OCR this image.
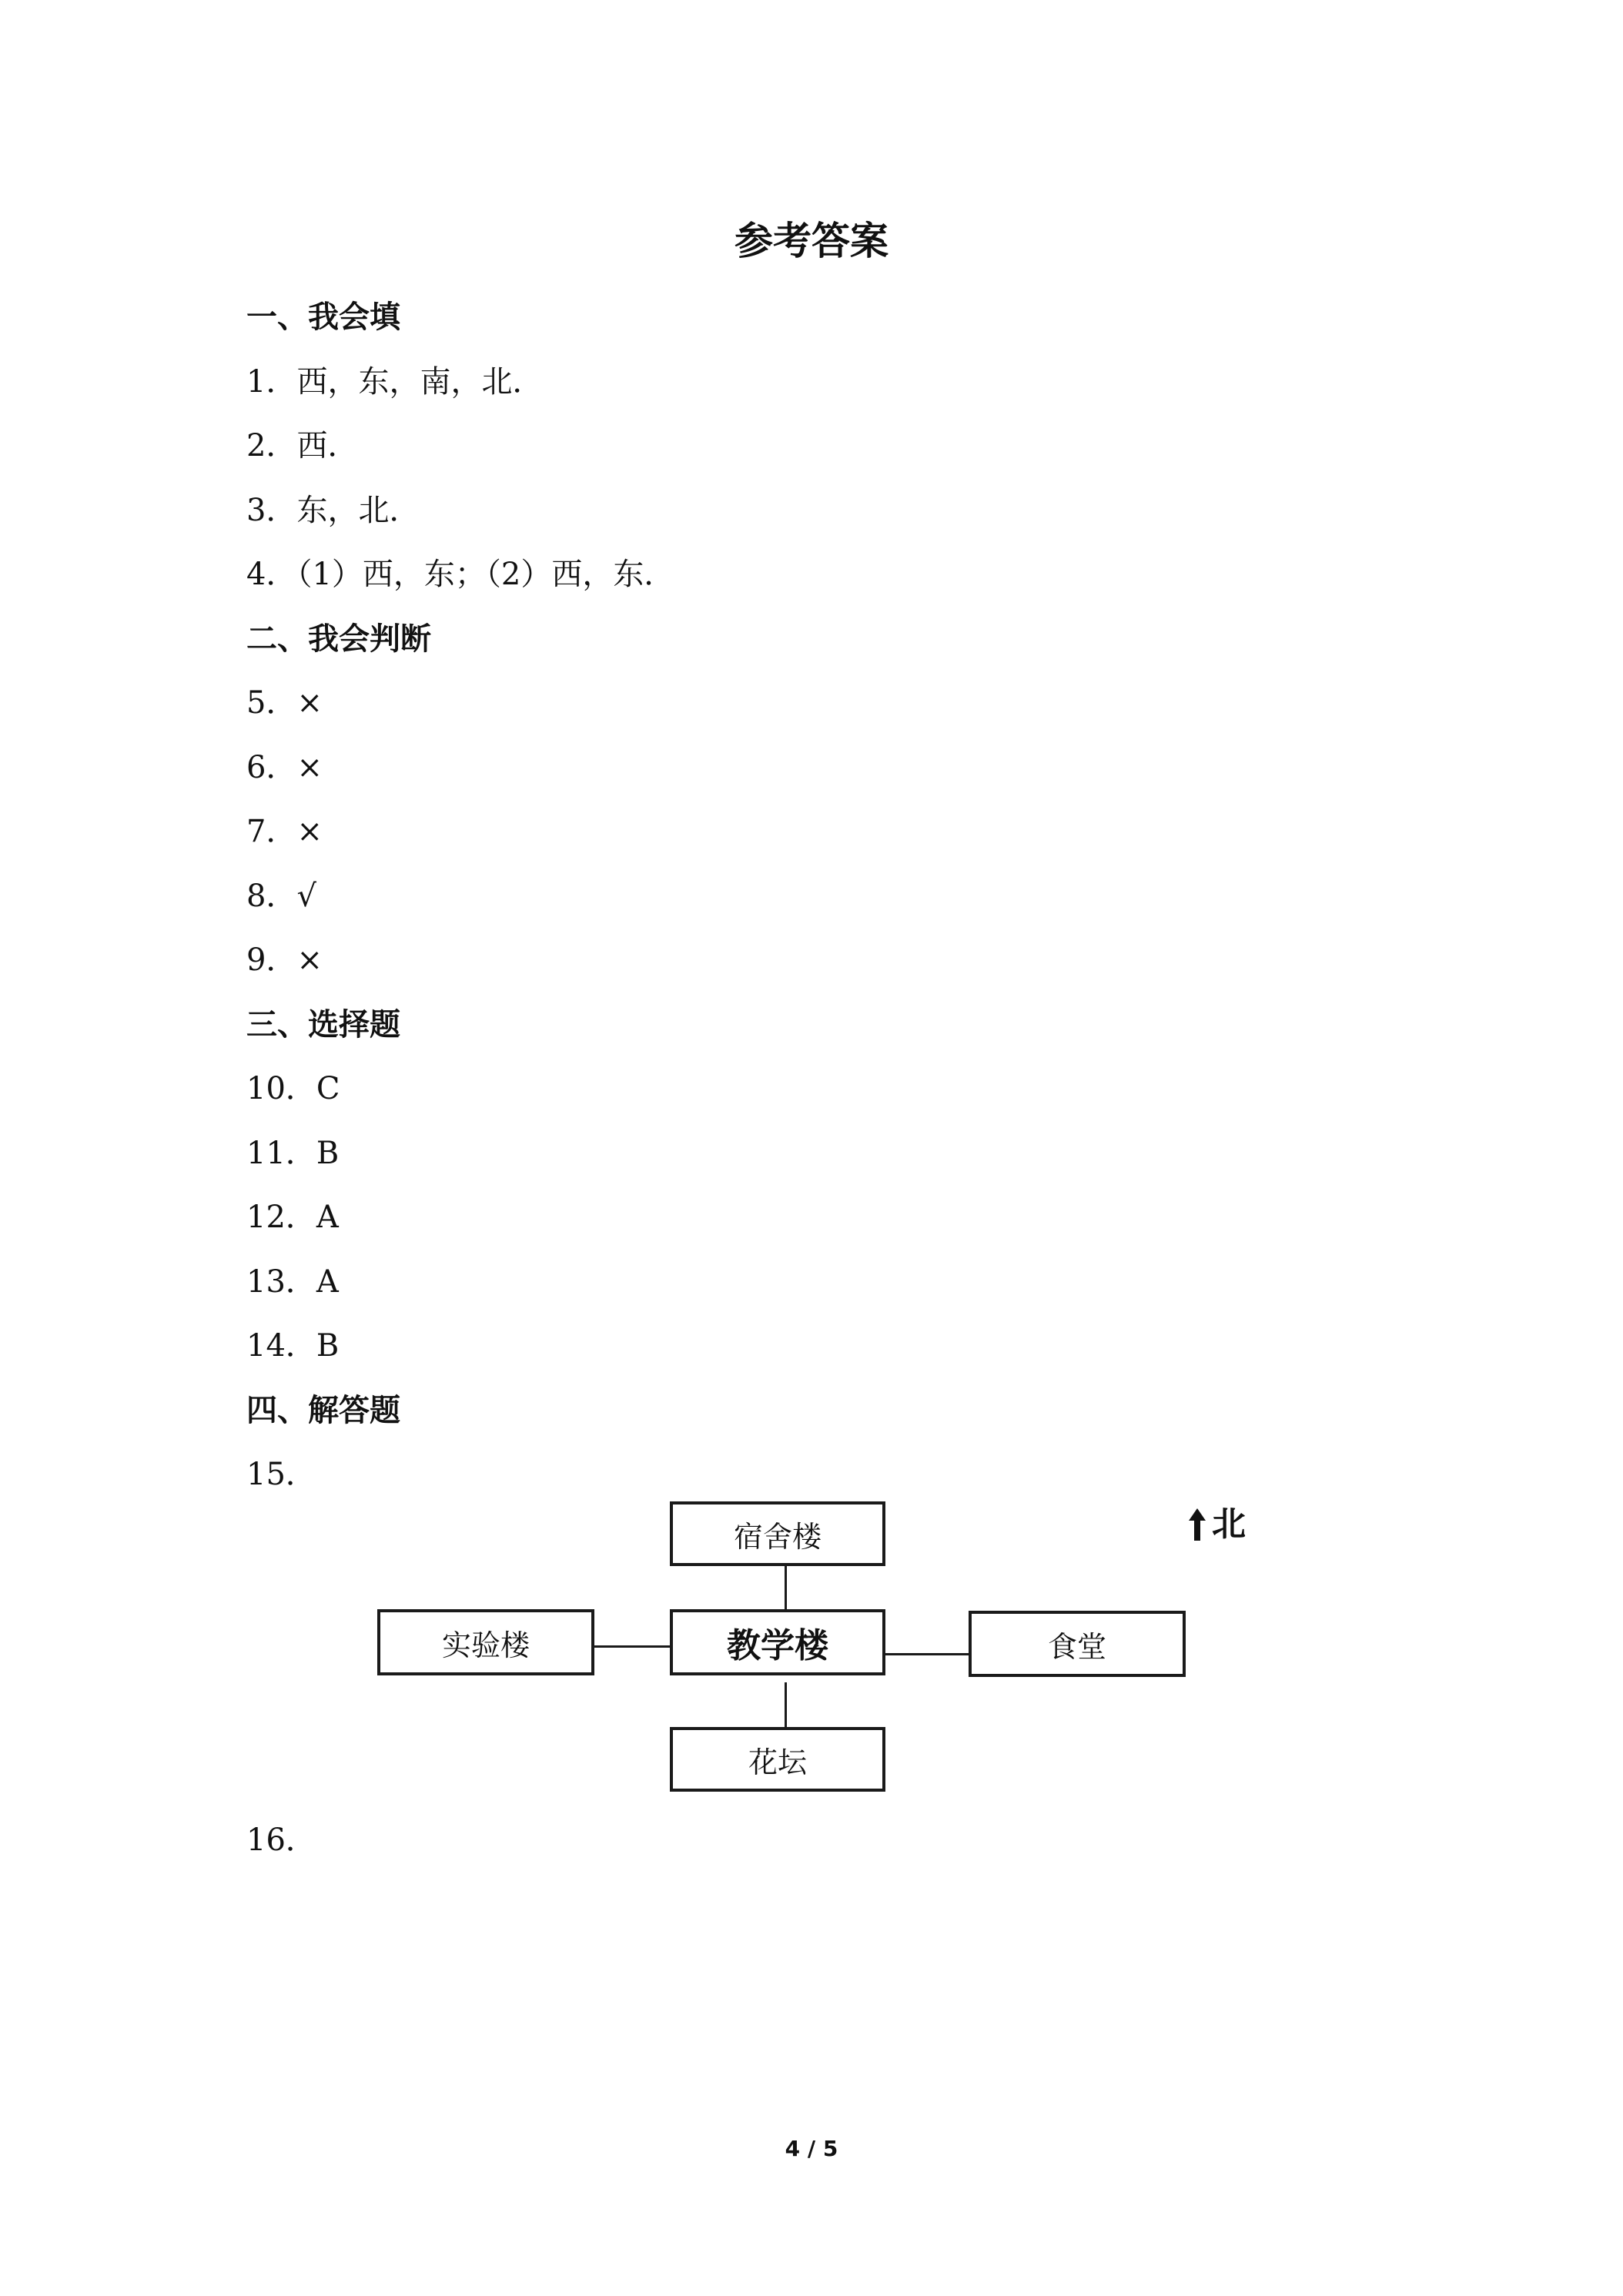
参考答案
一、我会填
1．西，东，南，北．
2．西．
3．东，北．
4．（1）西，东；（2）西，东．
二、我会判断
5．×
6．×
7．×
8．√
9．×
三、选择题
10．C
11．B
12．A
13．A
14．B
四、解答题
15．
宿舍楼
实验楼	教学楼	食堂
花坛
北
16．
4 / 5
